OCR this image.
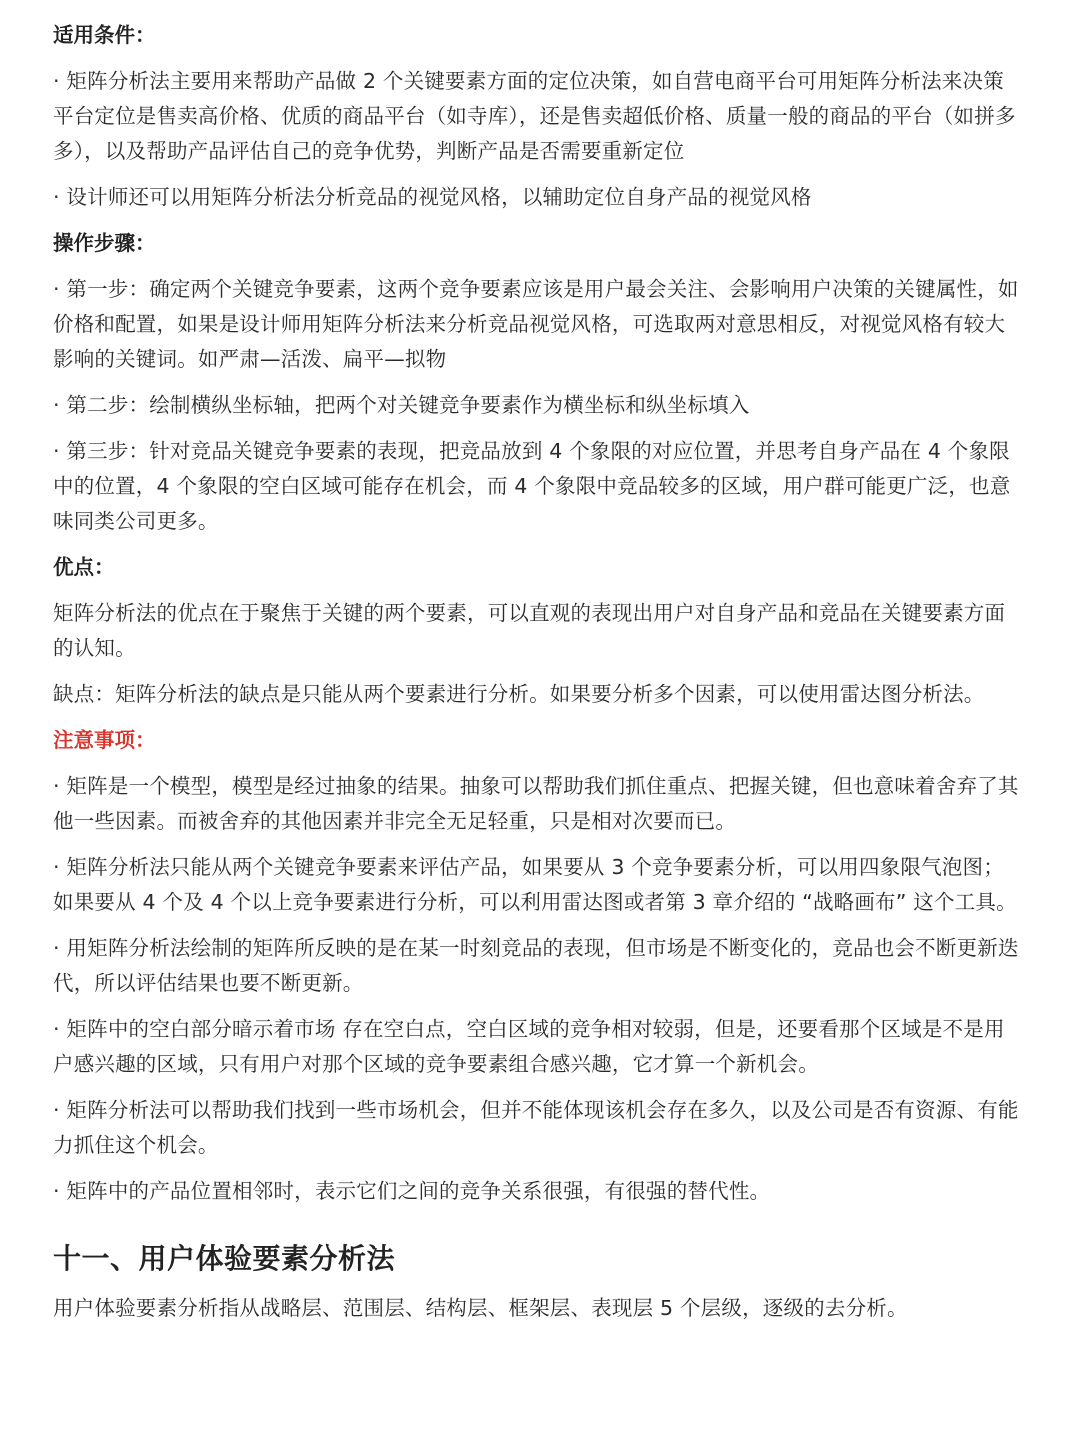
适用条件：

· 矩阵分析法主要用来帮助产品做 2 个关键要素方面的定位决策，如自营电商平台可用矩阵分析法来决策平台定位是售卖高价格、优质的商品平台（如寺库），还是售卖超低价格、质量一般的商品的平台（如拼多多），以及帮助产品评估自己的竞争优势，判断产品是否需要重新定位

· 设计师还可以用矩阵分析法分析竞品的视觉风格，以辅助定位自身产品的视觉风格

操作步骤：

· 第一步：确定两个关键竞争要素，这两个竞争要素应该是用户最会关注、会影响用户决策的关键属性，如价格和配置，如果是设计师用矩阵分析法来分析竞品视觉风格，可选取两对意思相反，对视觉风格有较大影响的关键词。如严肃—活泼、扁平—拟物

· 第二步：绘制横纵坐标轴，把两个对关键竞争要素作为横坐标和纵坐标填入

· 第三步：针对竞品关键竞争要素的表现，把竞品放到 4 个象限的对应位置，并思考自身产品在 4 个象限中的位置，4 个象限的空白区域可能存在机会，而 4 个象限中竞品较多的区域，用户群可能更广泛，也意味同类公司更多。

优点：

矩阵分析法的优点在于聚焦于关键的两个要素，可以直观的表现出用户对自身产品和竞品在关键要素方面的认知。

缺点：矩阵分析法的缺点是只能从两个要素进行分析。如果要分析多个因素，可以使用雷达图分析法。

注意事项：

· 矩阵是一个模型，模型是经过抽象的结果。抽象可以帮助我们抓住重点、把握关键，但也意味着舍弃了其他一些因素。而被舍弃的其他因素并非完全无足轻重，只是相对次要而已。

· 矩阵分析法只能从两个关键竞争要素来评估产品，如果要从 3 个竞争要素分析，可以用四象限气泡图；如果要从 4 个及 4 个以上竞争要素进行分析，可以利用雷达图或者第 3 章介绍的 “战略画布” 这个工具。

· 用矩阵分析法绘制的矩阵所反映的是在某一时刻竞品的表现，但市场是不断变化的，竞品也会不断更新迭代，所以评估结果也要不断更新。

· 矩阵中的空白部分暗示着市场 存在空白点，空白区域的竞争相对较弱，但是，还要看那个区域是不是用户感兴趣的区域，只有用户对那个区域的竞争要素组合感兴趣，它才算一个新机会。

· 矩阵分析法可以帮助我们找到一些市场机会，但并不能体现该机会存在多久，以及公司是否有资源、有能力抓住这个机会。

· 矩阵中的产品位置相邻时，表示它们之间的竞争关系很强，有很强的替代性。

十一、用户体验要素分析法

用户体验要素分析指从战略层、范围层、结构层、框架层、表现层 5 个层级，逐级的去分析。
